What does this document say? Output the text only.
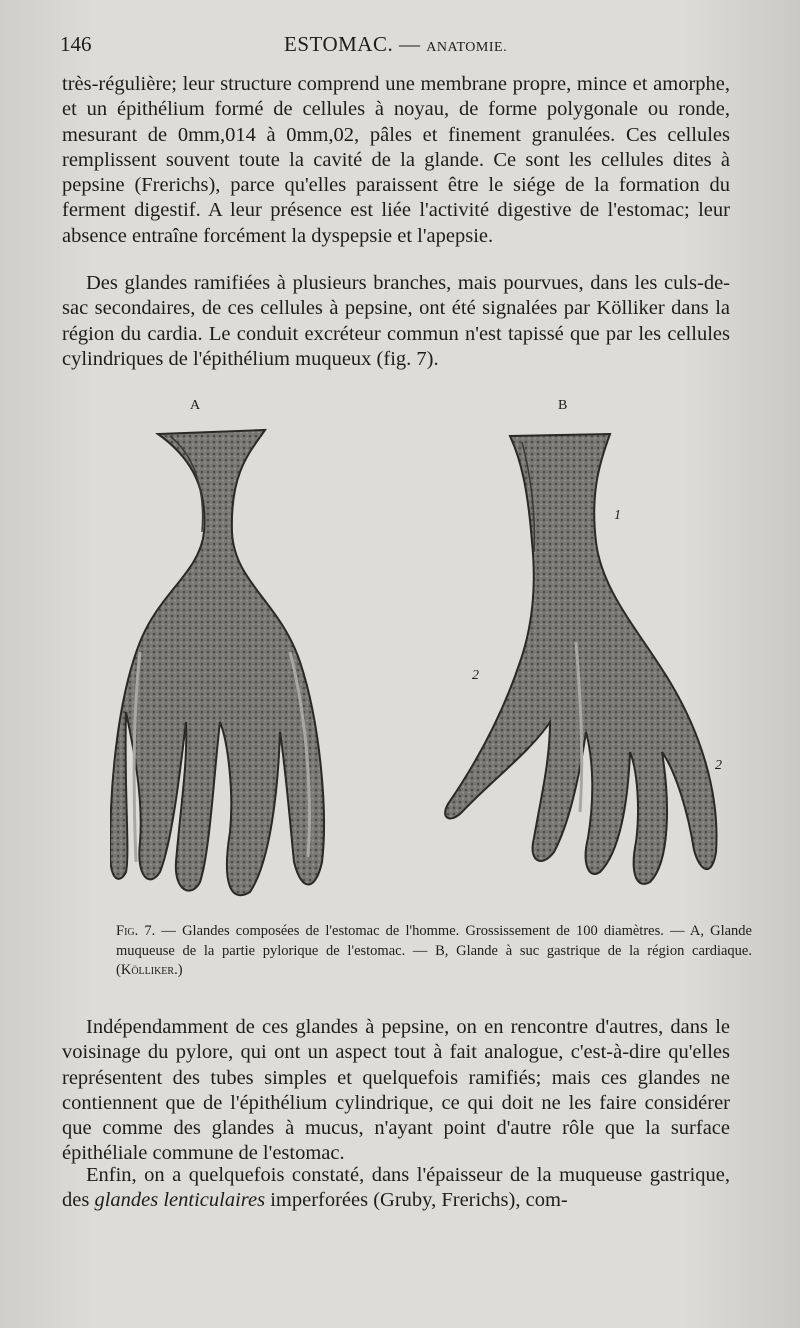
146	ESTOMAC. — ANATOMIE.

très-régulière; leur structure comprend une membrane propre, mince et amorphe, et un épithélium formé de cellules à noyau, de forme polygonale ou ronde, mesurant de 0mm,014 à 0mm,02, pâles et finement granulées. Ces cellules remplissent souvent toute la cavité de la glande. Ce sont les cellules dites à pepsine (Frerichs), parce qu'elles paraissent être le siége de la formation du ferment digestif. A leur présence est liée l'activité digestive de l'estomac; leur absence entraîne forcément la dyspepsie et l'apepsie.

Des glandes ramifiées à plusieurs branches, mais pourvues, dans les culs-de-sac secondaires, de ces cellules à pepsine, ont été signalées par Kölliker dans la région du cardia. Le conduit excréteur commun n'est tapissé que par les cellules cylindriques de l'épithélium muqueux (fig. 7).

A	B
1
2
2

Fig. 7. — Glandes composées de l'estomac de l'homme. Grossissement de 100 diamètres. — A, Glande muqueuse de la partie pylorique de l'estomac. — B, Glande à suc gastrique de la région cardiaque. (Kölliker.)

Indépendamment de ces glandes à pepsine, on en rencontre d'autres, dans le voisinage du pylore, qui ont un aspect tout à fait analogue, c'est-à-dire qu'elles représentent des tubes simples et quelquefois ramifiés; mais ces glandes ne contiennent que de l'épithélium cylindrique, ce qui doit ne les faire considérer que comme des glandes à mucus, n'ayant point d'autre rôle que la surface épithéliale commune de l'estomac.

Enfin, on a quelquefois constaté, dans l'épaisseur de la muqueuse gastrique, des glandes lenticulaires imperforées (Gruby, Frerichs), com-
